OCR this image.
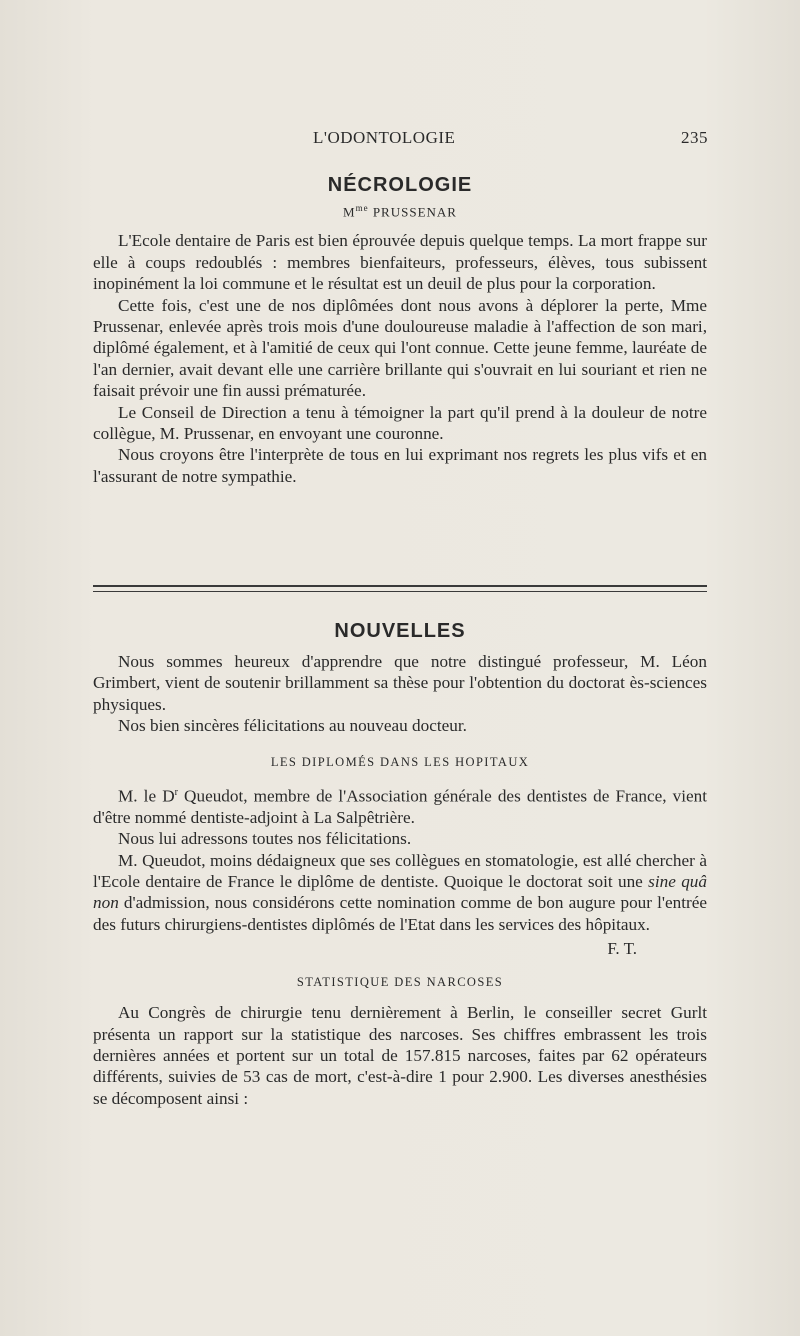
L'ODONTOLOGIE	235
NÉCROLOGIE
$M^{me}$ PRUSSENAR

L'Ecole dentaire de Paris est bien éprouvée depuis quelque temps. La mort frappe sur elle à coups redoublés : membres bienfaiteurs, professeurs, élèves, tous subissent inopinément la loi commune et le résultat est un deuil de plus pour la corporation.

Cette fois, c'est une de nos diplômées dont nous avons à déplorer la perte, Mme Prussenar, enlevée après trois mois d'une douloureuse maladie à l'affection de son mari, diplômé également, et à l'amitié de ceux qui l'ont connue. Cette jeune femme, lauréate de l'an dernier, avait devant elle une carrière brillante qui s'ouvrait en lui souriant et rien ne faisait prévoir une fin aussi prématurée.

Le Conseil de Direction a tenu à témoigner la part qu'il prend à la douleur de notre collègue, M. Prussenar, en envoyant une couronne.

Nous croyons être l'interprète de tous en lui exprimant nos regrets les plus vifs et en l'assurant de notre sympathie.

NOUVELLES

Nous sommes heureux d'apprendre que notre distingué professeur, M. Léon Grimbert, vient de soutenir brillamment sa thèse pour l'obtention du doctorat ès-sciences physiques.

Nos bien sincères félicitations au nouveau docteur.

LES DIPLOMÉS DANS LES HOPITAUX

M. le $D^r$ Queudot, membre de l'Association générale des dentistes de France, vient d'être nommé dentiste-adjoint à La Salpêtrière.

Nous lui adressons toutes nos félicitations.

M. Queudot, moins dédaigneux que ses collègues en stomatologie, est allé chercher à l'Ecole dentaire de France le diplôme de dentiste. Quoique le doctorat soit une sine quâ non d'admission, nous considérons cette nomination comme de bon augure pour l'entrée des futurs chirurgiens-dentistes diplômés de l'Etat dans les services des hôpitaux.

F. T.
STATISTIQUE DES NARCOSES

Au Congrès de chirurgie tenu dernièrement à Berlin, le conseiller secret Gurlt présenta un rapport sur la statistique des narcoses. Ses chiffres embrassent les trois dernières années et portent sur un total de 157.815 narcoses, faites par 62 opérateurs différents, suivies de 53 cas de mort, c'est-à-dire 1 pour 2.900. Les diverses anesthésies se décomposent ainsi :
